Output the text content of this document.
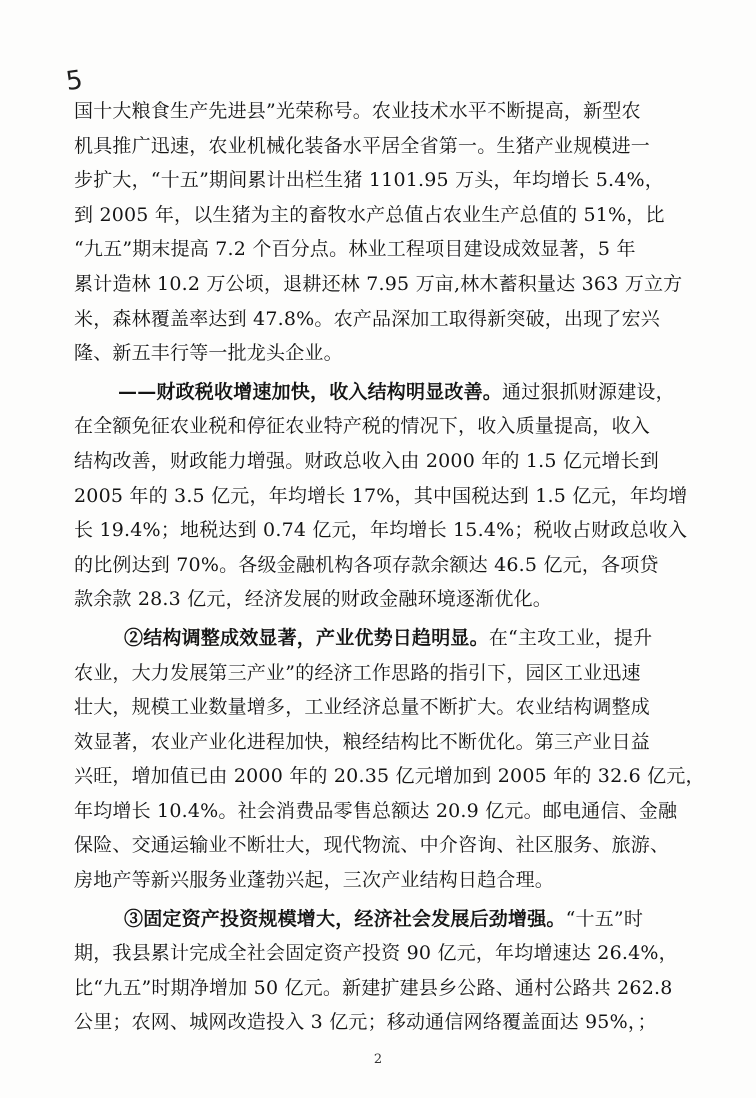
5
国十大粮食生产先进县”光荣称号。农业技术水平不断提高，新型农
机具推广迅速，农业机械化装备水平居全省第一。生猪产业规模进一
步扩大，“十五”期间累计出栏生猪 1101.95 万头，年均增长 5.4%，
到 2005 年，以生猪为主的畜牧水产总值占农业生产总值的 51%，比
“九五”期末提高 7.2 个百分点。林业工程项目建设成效显著，5 年
累计造林 10.2 万公顷，退耕还林 7.95 万亩,林木蓄积量达 363 万立方
米，森林覆盖率达到 47.8%。农产品深加工取得新突破，出现了宏兴
隆、新五丰行等一批龙头企业。
——财政税收增速加快，收入结构明显改善。通过狠抓财源建设，
在全额免征农业税和停征农业特产税的情况下，收入质量提高，收入
结构改善，财政能力增强。财政总收入由 2000 年的 1.5 亿元增长到
2005 年的 3.5 亿元，年均增长 17%，其中国税达到 1.5 亿元，年均增
长 19.4%；地税达到 0.74 亿元，年均增长 15.4%；税收占财政总收入
的比例达到 70%。各级金融机构各项存款余额达 46.5 亿元，各项贷
款余款 28.3 亿元，经济发展的财政金融环境逐渐优化。
②结构调整成效显著，产业优势日趋明显。在“主攻工业，提升
农业，大力发展第三产业”的经济工作思路的指引下，园区工业迅速
壮大，规模工业数量增多，工业经济总量不断扩大。农业结构调整成
效显著，农业产业化进程加快，粮经结构比不断优化。第三产业日益
兴旺，增加值已由 2000 年的 20.35 亿元增加到 2005 年的 32.6 亿元，
年均增长 10.4%。社会消费品零售总额达 20.9 亿元。邮电通信、金融
保险、交通运输业不断壮大，现代物流、中介咨询、社区服务、旅游、
房地产等新兴服务业蓬勃兴起，三次产业结构日趋合理。
③固定资产投资规模增大，经济社会发展后劲增强。“十五”时
期，我县累计完成全社会固定资产投资 90 亿元，年均增速达 26.4%，
比“九五”时期净增加 50 亿元。新建扩建县乡公路、通村公路共 262.8
公里；农网、城网改造投入 3 亿元；移动通信网络覆盖面达 95%，；
2
